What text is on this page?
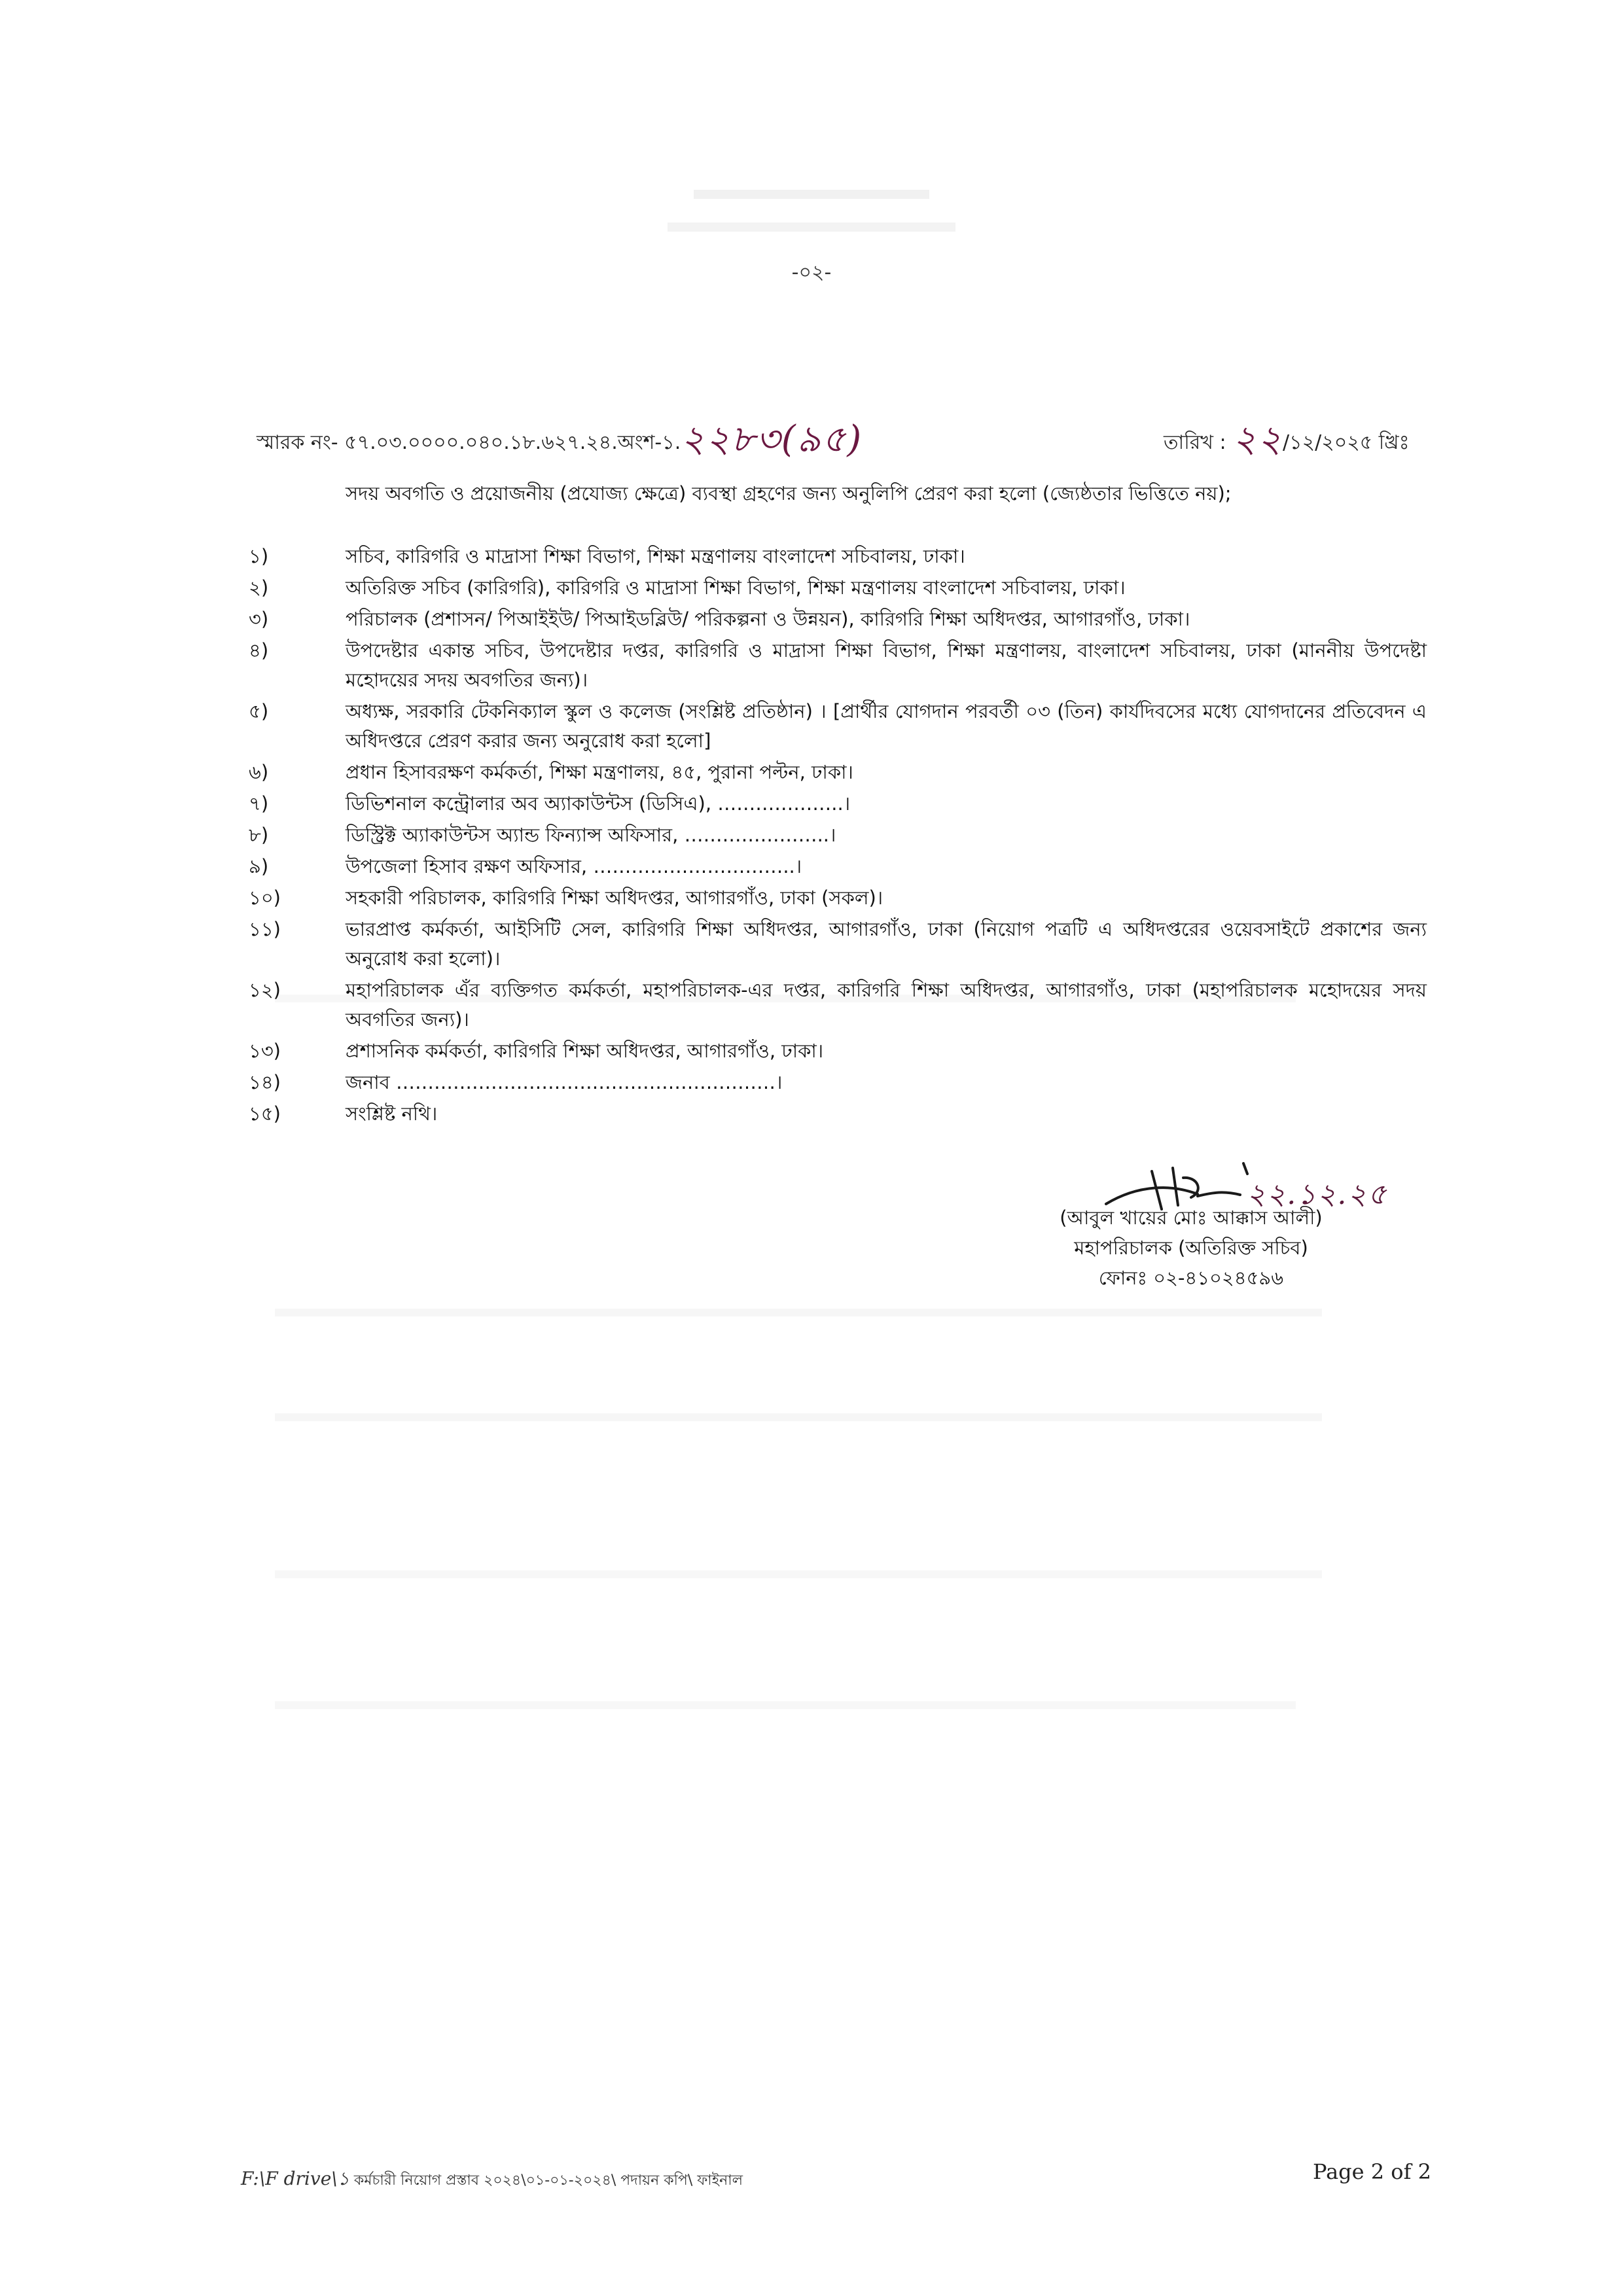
-০২-
স্মারক নং- ৫৭.০৩.০০০০.০৪০.১৮.৬২৭.২৪.অংশ-১.২২৮৩(৯৫)	তারিখ : ২২/১২/২০২৫ খ্রিঃ
সদয় অবগতি ও প্রয়োজনীয় (প্রযোজ্য ক্ষেত্রে) ব্যবস্থা গ্রহণের জন্য অনুলিপি প্রেরণ করা হলো (জ্যেষ্ঠতার ভিত্তিতে নয়);
১)	সচিব, কারিগরি ও মাদ্রাসা শিক্ষা বিভাগ, শিক্ষা মন্ত্রণালয় বাংলাদেশ সচিবালয়, ঢাকা।
২)	অতিরিক্ত সচিব (কারিগরি), কারিগরি ও মাদ্রাসা শিক্ষা বিভাগ, শিক্ষা মন্ত্রণালয় বাংলাদেশ সচিবালয়, ঢাকা।
৩)	পরিচালক (প্রশাসন/ পিআইইউ/ পিআইডব্লিউ/ পরিকল্পনা ও উন্নয়ন), কারিগরি শিক্ষা অধিদপ্তর, আগারগাঁও, ঢাকা।
৪)	উপদেষ্টার একান্ত সচিব, উপদেষ্টার দপ্তর, কারিগরি ও মাদ্রাসা শিক্ষা বিভাগ, শিক্ষা মন্ত্রণালয়, বাংলাদেশ সচিবালয়, ঢাকা (মাননীয় উপদেষ্টা মহোদয়ের সদয় অবগতির জন্য)।
৫)	অধ্যক্ষ, সরকারি টেকনিক্যাল স্কুল ও কলেজ (সংশ্লিষ্ট প্রতিষ্ঠান) । [প্রার্থীর যোগদান পরবর্তী ০৩ (তিন) কার্যদিবসের মধ্যে যোগদানের প্রতিবেদন এ অধিদপ্তরে প্রেরণ করার জন্য অনুরোধ করা হলো]
৬)	প্রধান হিসাবরক্ষণ কর্মকর্তা, শিক্ষা মন্ত্রণালয়, ৪৫, পুরানা পল্টন, ঢাকা।
৭)	ডিভিশনাল কন্ট্রোলার অব অ্যাকাউন্টস (ডিসিএ), ………………..।
৮)	ডিস্ট্রিক্ট অ্যাকাউন্টস অ্যান্ড ফিন্যান্স অফিসার, …………………..।
৯)	উপজেলা হিসাব রক্ষণ অফিসার, …………………………..।
১০)	সহকারী পরিচালক, কারিগরি শিক্ষা অধিদপ্তর, আগারগাঁও, ঢাকা (সকল)।
১১)	ভারপ্রাপ্ত কর্মকর্তা, আইসিটি সেল, কারিগরি শিক্ষা অধিদপ্তর, আগারগাঁও, ঢাকা (নিয়োগ পত্রটি এ অধিদপ্তরের ওয়েবসাইটে প্রকাশের জন্য অনুরোধ করা হলো)।
১২)	মহাপরিচালক এঁর ব্যক্তিগত কর্মকর্তা, মহাপরিচালক-এর দপ্তর, কারিগরি শিক্ষা অধিদপ্তর, আগারগাঁও, ঢাকা (মহাপরিচালক মহোদয়ের সদয় অবগতির জন্য)।
১৩)	প্রশাসনিক কর্মকর্তা, কারিগরি শিক্ষা অধিদপ্তর, আগারগাঁও, ঢাকা।
১৪)	জনাব ……………………………………………………।
১৫)	সংশ্লিষ্ট নথি।
২২.১২.২৫
(আবুল খায়ের মোঃ আক্কাস আলী)
মহাপরিচালক (অতিরিক্ত সচিব)
ফোনঃ ০২-৪১০২৪৫৯৬
F:\F drive\১ কর্মচারী নিয়োগ প্রস্তাব ২০২৪\০১-০১-২০২৪\ পদায়ন কপি\ ফাইনাল	Page 2 of 2
